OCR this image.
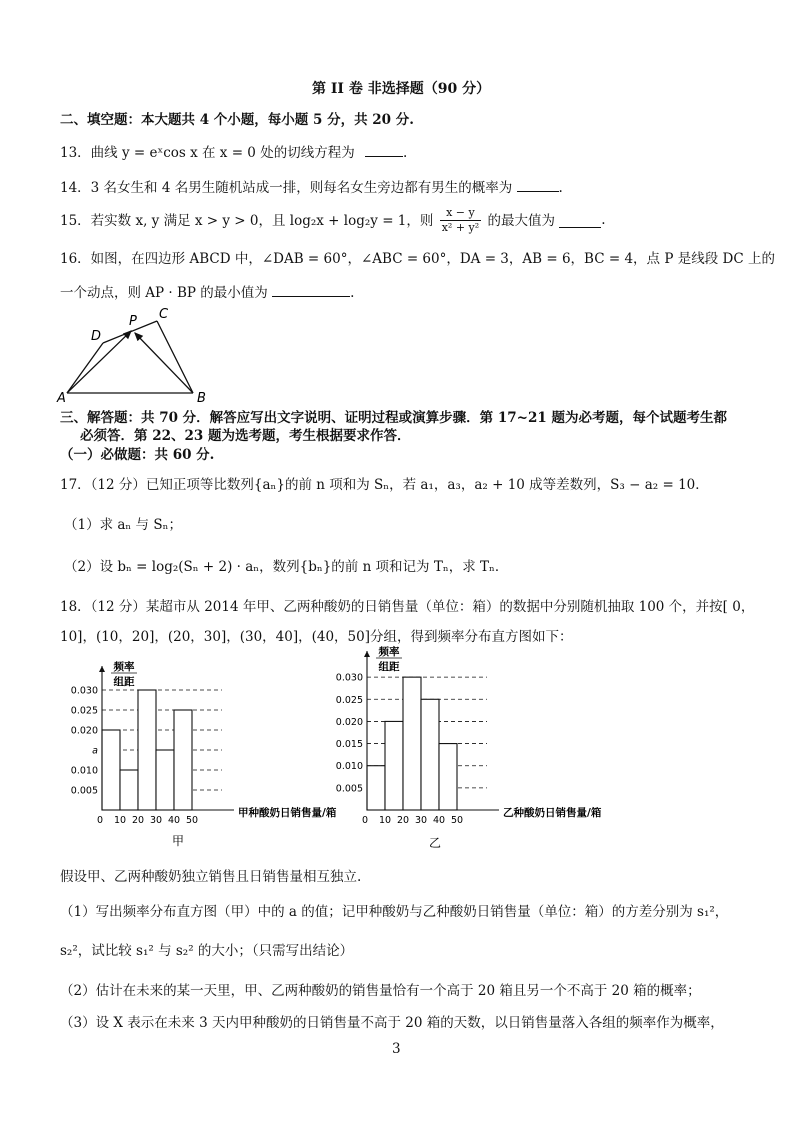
第 II 卷 非选择题（90 分）
二、填空题：本大题共 4 个小题，每小题 5 分，共 20 分.
13．曲线 y = eˣcos x 在 x = 0 处的切线方程为	.
14．3 名女生和 4 名男生随机站成一排，则每名女生旁边都有男生的概率为	.
15．若实数 x, y 满足 x > y > 0，且 log₂x + log₂y = 1，则 $\frac{x - y}{\text{x² + y²}}$ 的最大值为	.
16．如图，在四边形 ABCD 中，∠DAB = 60°，∠ABC = 60°，DA = 3，AB = 6，BC = 4，点 P 是线段 DC 上的
一个动点，则 AP · BP 的最小值为	.
A	B
C
D
P
三、解答题：共 70 分．解答应写出文字说明、证明过程或演算步骤．第 17~21 题为必考题，每个试题考生都
必须答．第 22、23 题为选考题，考生根据要求作答．
（一）必做题：共 60 分.
17．（12 分）已知正项等比数列{aₙ}的前 n 项和为 Sₙ，若 a₁，a₃，a₂ + 10 成等差数列，S₃ − a₂ = 10．
（1）求 aₙ 与 Sₙ；
（2）设 bₙ = log₂(Sₙ + 2) · aₙ，数列{bₙ}的前 n 项和记为 Tₙ，求 Tₙ．
18．（12 分）某超市从 2014 年甲、乙两种酸奶的日销售量（单位：箱）的数据中分别随机抽取 100 个，并按[ 0，
10]，(10，20]，(20，30]，(30，40]，(40，50]分组，得到频率分布直方图如下：
0.005
0.010
a
0.020
0.025
0.030
0 10 20 30 40 50
甲种酸奶日销售量/箱
频率
组距
甲
0.005
0.010
0.015
0.020
0.025
0.030
0 10 20 30 40 50
乙种酸奶日销售量/箱
频率
组距
乙
假设甲、乙两种酸奶独立销售且日销售量相互独立.
（1）写出频率分布直方图（甲）中的 a 的值；记甲种酸奶与乙种酸奶日销售量（单位：箱）的方差分别为 s₁²，
s₂²，试比较 s₁² 与 s₂² 的大小；（只需写出结论）
（2）估计在未来的某一天里，甲、乙两种酸奶的销售量恰有一个高于 20 箱且另一个不高于 20 箱的概率；
（3）设 X 表示在未来 3 天内甲种酸奶的日销售量不高于 20 箱的天数，以日销售量落入各组的频率作为概率，
3
